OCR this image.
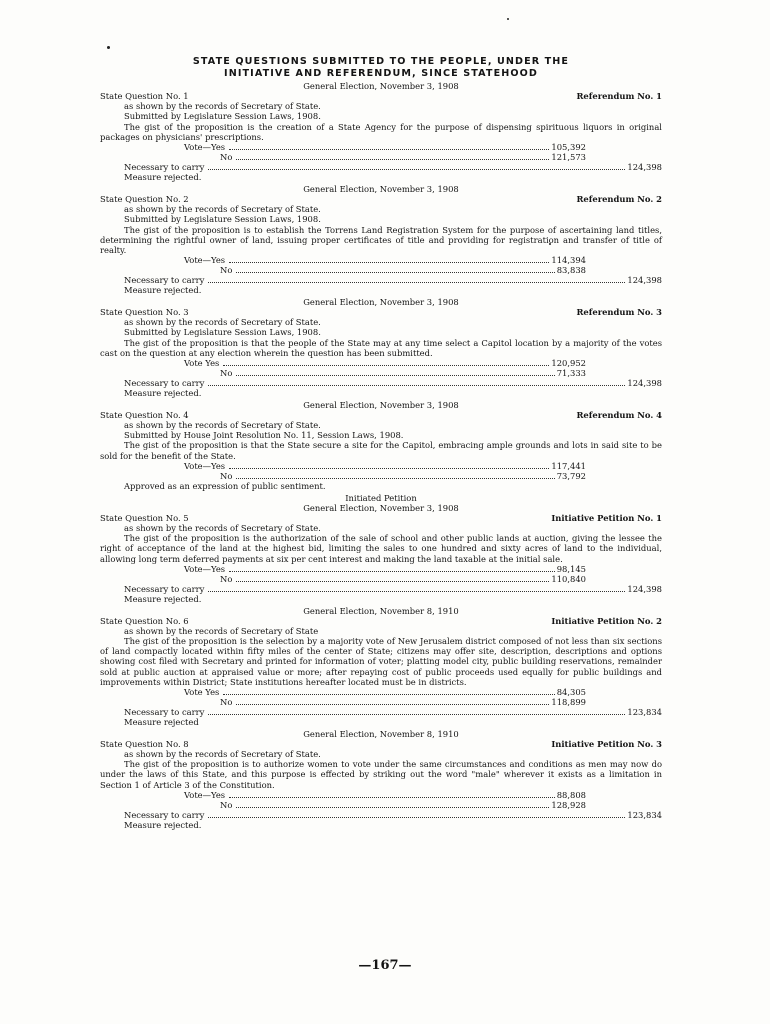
STATE QUESTIONS SUBMITTED TO THE PEOPLE, UNDER THE
INITIATIVE AND REFERENDUM, SINCE STATEHOOD
General Election, November 3, 1908
State Question No. 1	Referendum No. 1
as shown by the records of Secretary of State.
Submitted by Legislature Session Laws, 1908.
The gist of the proposition is the creation of a State Agency for the purpose of dispensing spirituous liquors in original packages on physicians' prescriptions.
Vote—Yes	105,392
No	121,573
Necessary to carry	124,398
Measure rejected.
General Election, November 3, 1908
State Question No. 2	Referendum No. 2
as shown by the records of Secretary of State.
Submitted by Legislature Session Laws, 1908.
The gist of the proposition is to establish the Torrens Land Registration System for the purpose of ascertaining land titles, determining the rightful owner of land, issuing proper certificates of title and providing for registration and transfer of title of realty.
Vote—Yes	114,394
No	83,838
Necessary to carry	124,398
Measure rejected.
General Election, November 3, 1908
State Question No. 3	Referendum No. 3
as shown by the records of Secretary of State.
Submitted by Legislature Session Laws, 1908.
The gist of the proposition is that the people of the State may at any time select a Capitol location by a majority of the votes cast on the question at any election wherein the question has been submitted.
Vote Yes	120,952
No	71,333
Necessary to carry	124,398
Measure rejected.
General Election, November 3, 1908
State Question No. 4	Referendum No. 4
as shown by the records of Secretary of State.
Submitted by House Joint Resolution No. 11, Session Laws, 1908.
The gist of the proposition is that the State secure a site for the Capitol, embracing ample grounds and lots in said site to be sold for the benefit of the State.
Vote—Yes	117,441
No	73,792
Approved as an expression of public sentiment.
Initiated Petition
General Election, November 3, 1908
State Question No. 5	Initiative Petition No. 1
as shown by the records of Secretary of State.
The gist of the proposition is the authorization of the sale of school and other public lands at auction, giving the lessee the right of acceptance of the land at the highest bid, limiting the sales to one hundred and sixty acres of land to the individual, allowing long term deferred payments at six per cent interest and making the land taxable at the initial sale.
Vote—Yes	98,145
No	110,840
Necessary to carry	124,398
Measure rejected.
General Election, November 8, 1910
State Question No. 6	Initiative Petition No. 2
as shown by the records of Secretary of State
The gist of the proposition is the selection by a majority vote of New Jerusalem district composed of not less than six sections of land compactly located within fifty miles of the center of State; citizens may offer site, description, descriptions and options showing cost filed with Secretary and printed for information of voter; platting model city, public building reservations, remainder sold at public auction at appraised value or more; after repaying cost of public proceeds used equally for public buildings and improvements within District; State institutions hereafter located must be in districts.
Vote Yes	84,305
No	118,899
Necessary to carry	123,834
Measure rejected
General Election, November 8, 1910
State Question No. 8	Initiative Petition No. 3
as shown by the records of Secretary of State.
The gist of the proposition is to authorize women to vote under the same circumstances and conditions as men may now do under the laws of this State, and this purpose is effected by striking out the word "male" wherever it exists as a limitation in Section 1 of Article 3 of the Constitution.
Vote—Yes	88,808
No	128,928
Necessary to carry	123,834
Measure rejected.
—167—
